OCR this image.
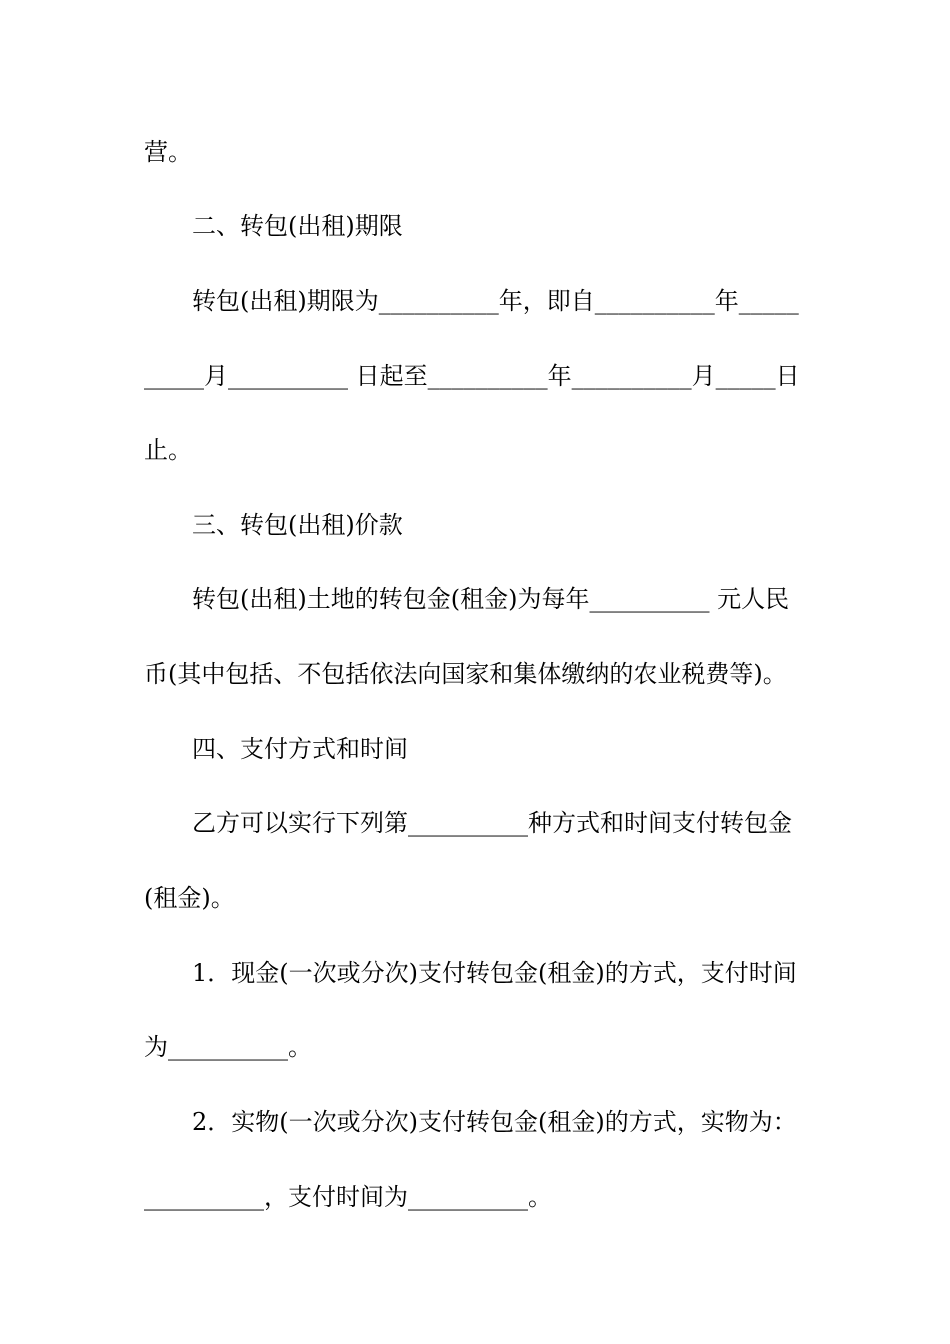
营。
二、转包(出租)期限
转包(出租)期限为__________年，即自__________年_____
_____月__________ 日起至__________年__________月_____日
止。
三、转包(出租)价款
转包(出租)土地的转包金(租金)为每年__________ 元人民
币(其中包括、不包括依法向国家和集体缴纳的农业税费等)。
四、支付方式和时间
乙方可以实行下列第__________种方式和时间支付转包金
(租金)。
1．现金(一次或分次)支付转包金(租金)的方式，支付时间
为__________。
2．实物(一次或分次)支付转包金(租金)的方式，实物为：
__________，支付时间为__________。
